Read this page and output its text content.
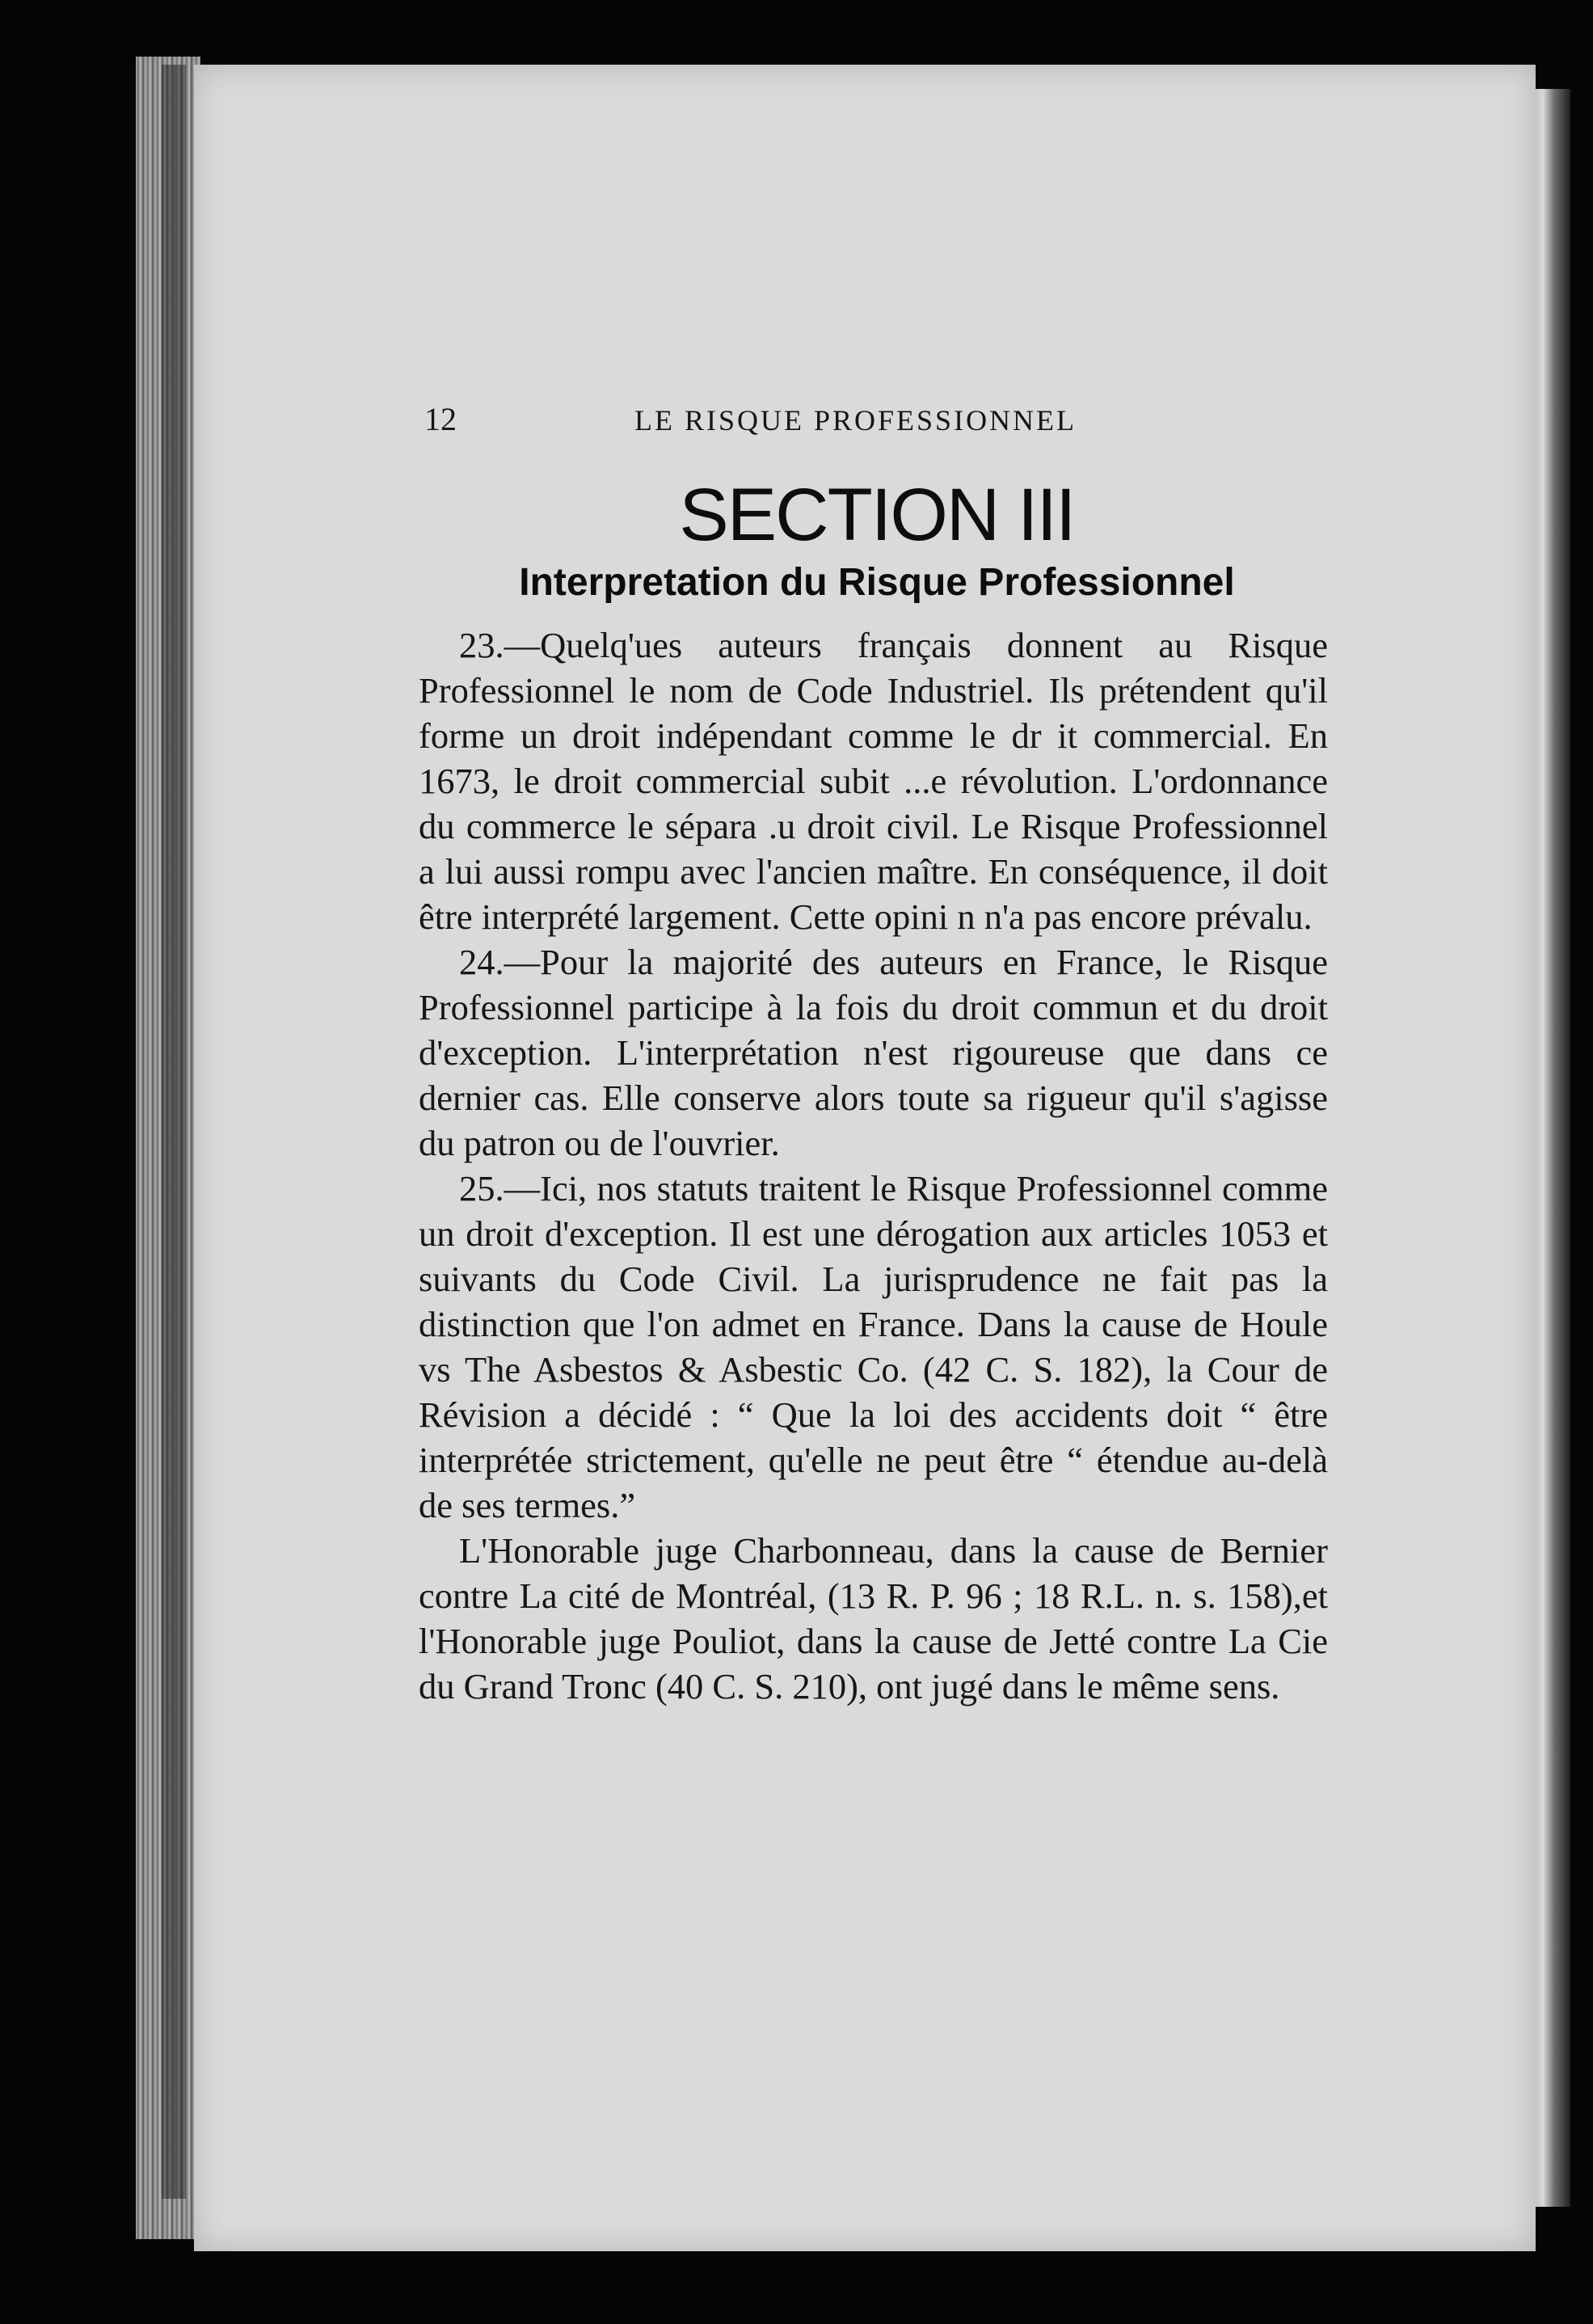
12	LE RISQUE PROFESSIONNEL
SECTION III
Interpretation du Risque Professionnel

23.—Quelq'ues auteurs français donnent au Risque Professionnel le nom de Code Industriel. Ils prétendent qu'il forme un droit indépendant comme le dr it commercial. En 1673, le droit commercial subit ...e révolution. L'ordonnance du commerce le sépara .u droit civil. Le Risque Professionnel a lui aussi rompu avec l'ancien maître. En conséquence, il doit être interprété largement. Cette opini n n'a pas encore prévalu.

24.—Pour la majorité des auteurs en France, le Risque Professionnel participe à la fois du droit commun et du droit d'exception. L'interprétation n'est rigoureuse que dans ce dernier cas. Elle conserve alors toute sa rigueur qu'il s'agisse du patron ou de l'ouvrier.

25.—Ici, nos statuts traitent le Risque Professionnel comme un droit d'exception. Il est une dérogation aux articles 1053 et suivants du Code Civil. La jurisprudence ne fait pas la distinction que l'on admet en France. Dans la cause de Houle vs The Asbestos & Asbestic Co. (42 C. S. 182), la Cour de Révision a décidé : “ Que la loi des accidents doit “ être interprétée strictement, qu'elle ne peut être “ étendue au-delà de ses termes.”

L'Honorable juge Charbonneau, dans la cause de Bernier contre La cité de Montréal, (13 R. P. 96 ; 18 R.L. n. s. 158),et l'Honorable juge Pouliot, dans la cause de Jetté contre La Cie du Grand Tronc (40 C. S. 210), ont jugé dans le même sens.
